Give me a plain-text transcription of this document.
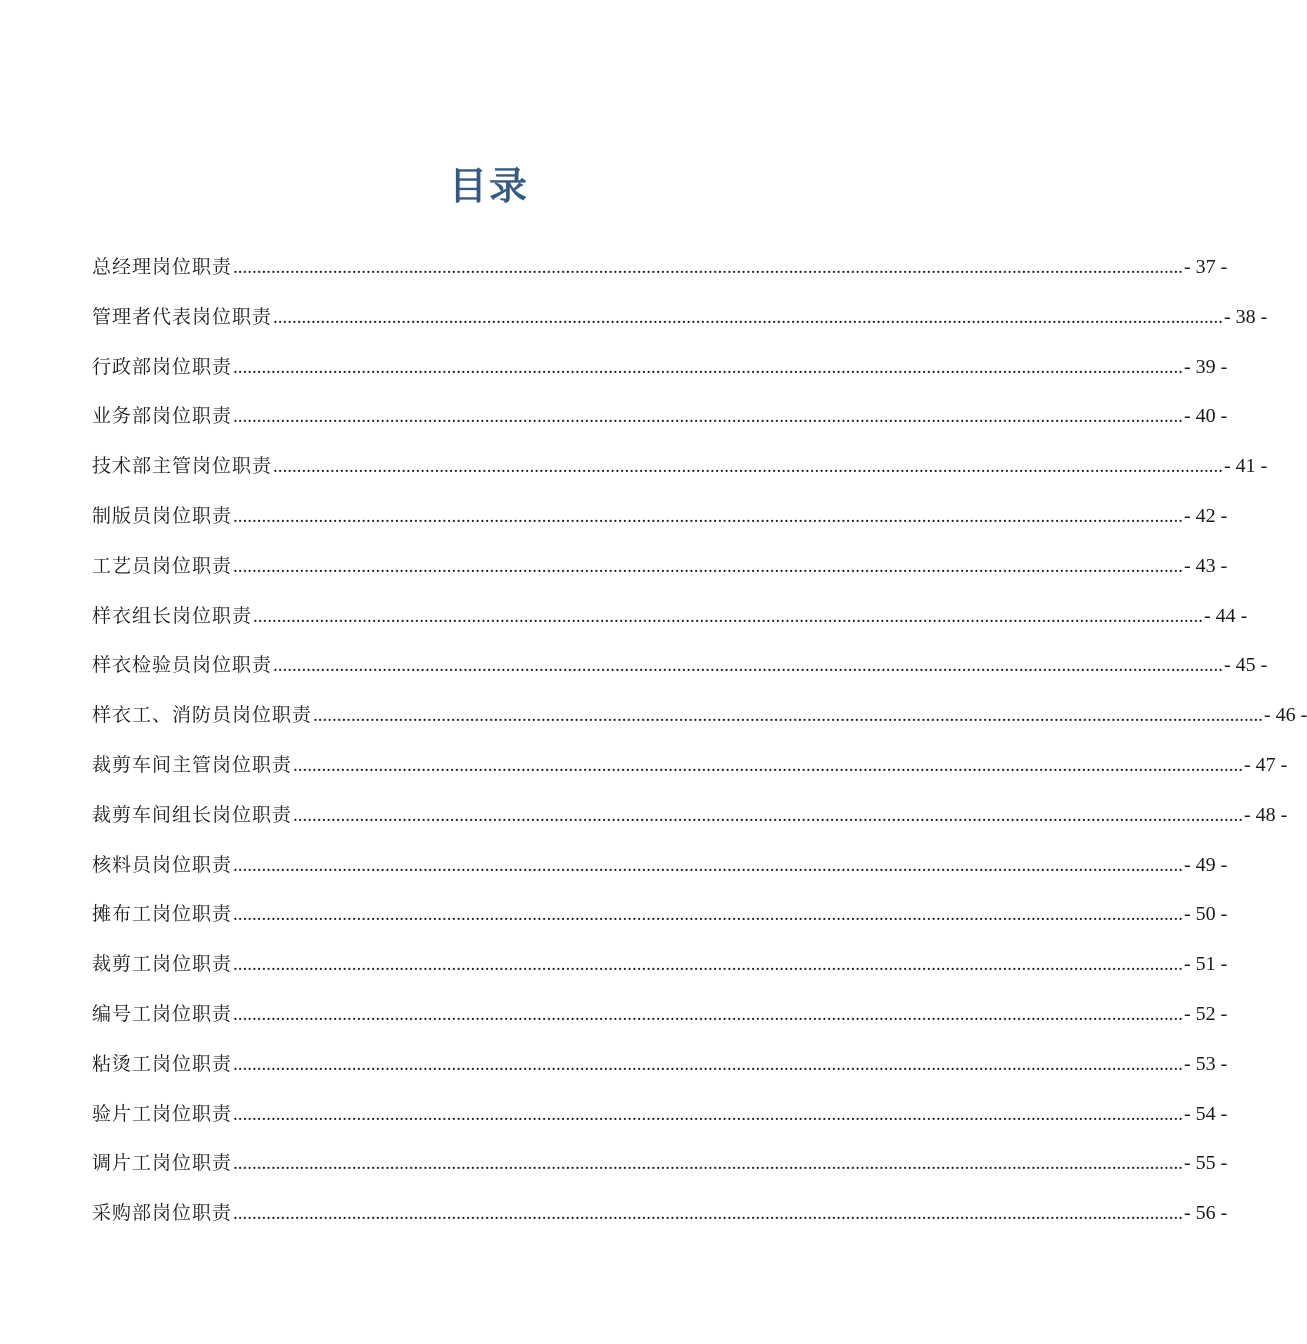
目录
总经理岗位职责 ........................................................................................................................................................................................................ - 37 -
管理者代表岗位职责 ........................................................................................................................................................................................................ - 38 -
行政部岗位职责 ........................................................................................................................................................................................................ - 39 -
业务部岗位职责 ........................................................................................................................................................................................................ - 40 -
技术部主管岗位职责 ........................................................................................................................................................................................................ - 41 -
制版员岗位职责 ........................................................................................................................................................................................................ - 42 -
工艺员岗位职责 ........................................................................................................................................................................................................ - 43 -
样衣组长岗位职责 ........................................................................................................................................................................................................ - 44 -
样衣检验员岗位职责 ........................................................................................................................................................................................................ - 45 -
样衣工、消防员岗位职责 ........................................................................................................................................................................................................ - 46 -
裁剪车间主管岗位职责 ........................................................................................................................................................................................................ - 47 -
裁剪车间组长岗位职责 ........................................................................................................................................................................................................ - 48 -
核料员岗位职责 ........................................................................................................................................................................................................ - 49 -
摊布工岗位职责 ........................................................................................................................................................................................................ - 50 -
裁剪工岗位职责 ........................................................................................................................................................................................................ - 51 -
编号工岗位职责 ........................................................................................................................................................................................................ - 52 -
粘烫工岗位职责 ........................................................................................................................................................................................................ - 53 -
验片工岗位职责 ........................................................................................................................................................................................................ - 54 -
调片工岗位职责 ........................................................................................................................................................................................................ - 55 -
采购部岗位职责 ........................................................................................................................................................................................................ - 56 -
